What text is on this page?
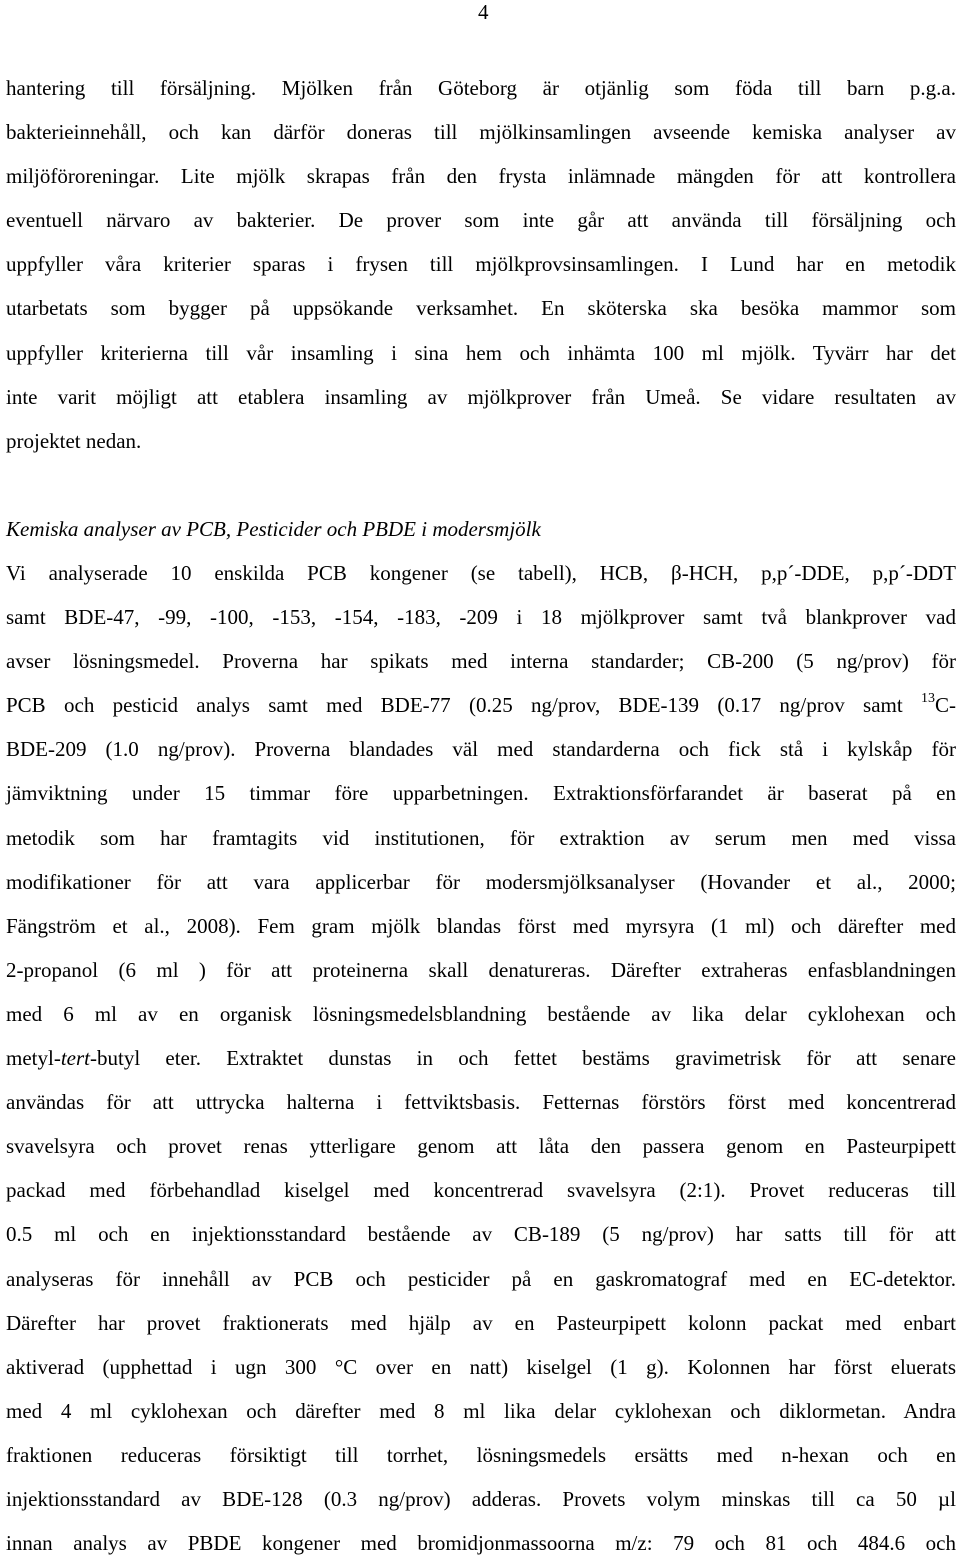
4
hantering till försäljning. Mjölken från Göteborg är otjänlig som föda till barn p.g.a.
bakterieinnehåll, och kan därför doneras till mjölkinsamlingen avseende kemiska analyser av
miljöföroreningar. Lite mjölk skrapas från den frysta inlämnade mängden för att kontrollera
eventuell närvaro av bakterier. De prover som inte går att använda till försäljning och
uppfyller våra kriterier sparas i frysen till mjölkprovsinsamlingen. I Lund har en metodik
utarbetats som bygger på uppsökande verksamhet. En sköterska ska besöka mammor som
uppfyller kriterierna till vår insamling i sina hem och inhämta 100 ml mjölk. Tyvärr har det
inte varit möjligt att etablera insamling av mjölkprover från Umeå. Se vidare resultaten av
projektet nedan.
Kemiska analyser av PCB, Pesticider och PBDE i modersmjölk
Vi analyserade 10 enskilda PCB kongener (se tabell), HCB, β-HCH, p,p´-DDE, p,p´-DDT
samt BDE-47, -99, -100, -153, -154, -183, -209 i 18 mjölkprover samt två blankprover vad
avser lösningsmedel. Proverna har spikats med interna standarder; CB-200 (5 ng/prov) för
PCB och pesticid analys samt med BDE-77 (0.25 ng/prov, BDE-139 (0.17 ng/prov samt $^{13}$C-
BDE-209 (1.0 ng/prov). Proverna blandades väl med standarderna och fick stå i kylskåp för
jämviktning under 15 timmar före upparbetningen. Extraktionsförfarandet är baserat på en
metodik som har framtagits vid institutionen, för extraktion av serum men med vissa
modifikationer för att vara applicerbar för modersmjölksanalyser (Hovander et al., 2000;
Fängström et al., 2008). Fem gram mjölk blandas först med myrsyra (1 ml) och därefter med
2-propanol (6 ml ) för att proteinerna skall denatureras. Därefter extraheras enfasblandningen
med 6 ml av en organisk lösningsmedelsblandning bestående av lika delar cyklohexan och
metyl-tert-butyl eter. Extraktet dunstas in och fettet bestäms gravimetrisk för att senare
användas för att uttrycka halterna i fettviktsbasis. Fetternas förstörs först med koncentrerad
svavelsyra och provet renas ytterligare genom att låta den passera genom en Pasteurpipett
packad med förbehandlad kiselgel med koncentrerad svavelsyra (2:1). Provet reduceras till
0.5 ml och en injektionsstandard bestående av CB-189 (5 ng/prov) har satts till för att
analyseras för innehåll av PCB och pesticider på en gaskromatograf med en EC-detektor.
Därefter har provet fraktionerats med hjälp av en Pasteurpipett kolonn packat med enbart
aktiverad (upphettad i ugn 300 °C over en natt) kiselgel (1 g). Kolonnen har först eluerats
med 4 ml cyklohexan och därefter med 8 ml lika delar cyklohexan och diklormetan. Andra
fraktionen reduceras försiktigt till torrhet, lösningsmedels ersätts med n-hexan och en
injektionsstandard av BDE-128 (0.3 ng/prov) adderas. Provets volym minskas till ca 50 µl
innan analys av PBDE kongener med bromidjonmassoorna m/z: 79 och 81 och 484.6 och
